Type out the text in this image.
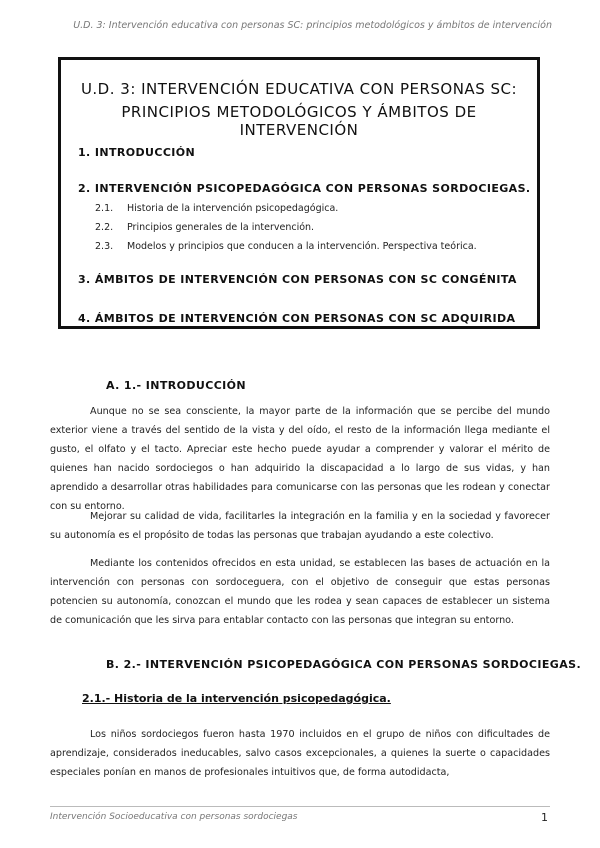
U.D. 3: Intervención educativa con personas SC: principios metodológicos y ámbitos de intervención
U.D. 3: INTERVENCIÓN EDUCATIVA CON PERSONAS SC:
PRINCIPIOS METODOLÓGICOS Y ÁMBITOS DE INTERVENCIÓN
1. INTRODUCCIÓN
2. INTERVENCIÓN PSICOPEDAGÓGICA CON PERSONAS SORDOCIEGAS.
2.1. Historia de la intervención psicopedagógica.
2.2. Principios generales de la intervención.
2.3. Modelos y principios que conducen a la intervención. Perspectiva teórica.
3. ÁMBITOS DE INTERVENCIÓN CON PERSONAS CON SC CONGÉNITA
4. ÁMBITOS DE INTERVENCIÓN CON PERSONAS CON SC ADQUIRIDA
A. 1.- INTRODUCCIÓN

Aunque no se sea consciente, la mayor parte de la información que se percibe del mundo exterior viene a través del sentido de la vista y del oído, el resto de la información llega mediante el gusto, el olfato y el tacto. Apreciar este hecho puede ayudar a comprender y valorar el mérito de quienes han nacido sordociegos o han adquirido la discapacidad a lo largo de sus vidas, y han aprendido a desarrollar otras habilidades para comunicarse con las personas que les rodean y conectar con su entorno.

Mejorar su calidad de vida, facilitarles la integración en la familia y en la sociedad y favorecer su autonomía es el propósito de todas las personas que trabajan ayudando a este colectivo.

Mediante los contenidos ofrecidos en esta unidad, se establecen las bases de actuación en la intervención con personas con sordoceguera, con el objetivo de conseguir que estas personas potencien su autonomía, conozcan el mundo que les rodea y sean capaces de establecer un sistema de comunicación que les sirva para entablar contacto con las personas que integran su entorno.

B. 2.- INTERVENCIÓN PSICOPEDAGÓGICA CON PERSONAS SORDOCIEGAS.
2.1.- Historia de la intervención psicopedagógica.

Los niños sordociegos fueron hasta 1970 incluidos en el grupo de niños con dificultades de aprendizaje, considerados ineducables, salvo casos excepcionales, a quienes la suerte o capacidades especiales ponían en manos de profesionales intuitivos que, de forma autodidacta,

Intervención Socioeducativa con personas sordociegas	1
